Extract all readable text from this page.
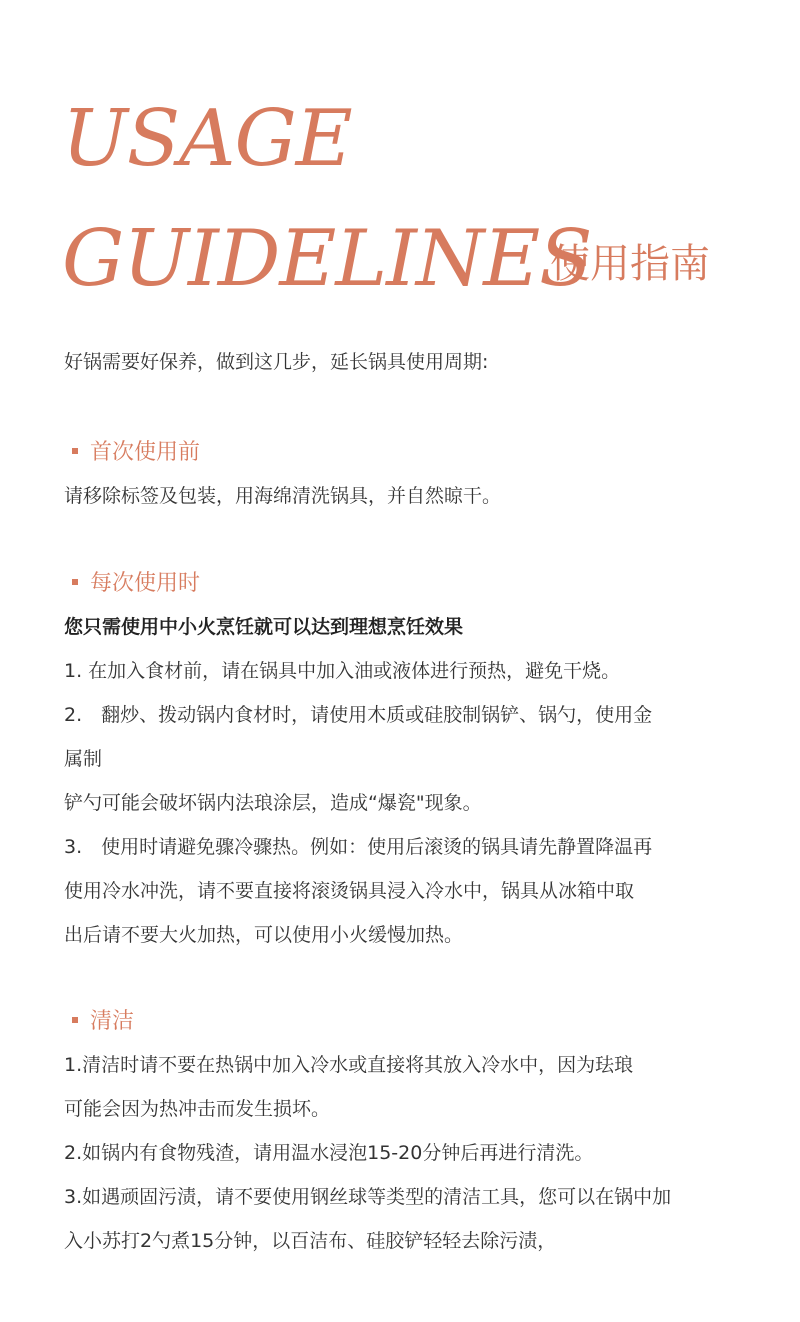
USAGE
GUIDELINES
使用指南
好锅需要好保养，做到这几步，延长锅具使用周期:
首次使用前
请移除标签及包装，用海绵清洗锅具，并自然晾干。
每次使用时
您只需使用中小火烹饪就可以达到理想烹饪效果
1. 在加入食材前，请在锅具中加入油或液体进行预热，避免干烧。
2.　翻炒、拨动锅内食材时，请使用木质或硅胶制锅铲、锅勺，使用金
属制
铲勺可能会破坏锅内法琅涂层，造成“爆瓷"现象。
3.　使用时请避免骤冷骤热。例如：使用后滚烫的锅具请先静置降温再
使用冷水冲洗，请不要直接将滚烫锅具浸入冷水中，锅具从冰箱中取
出后请不要大火加热，可以使用小火缓慢加热。
清洁
1.清洁时请不要在热锅中加入冷水或直接将其放入冷水中，因为珐琅
可能会因为热冲击而发生损坏。
2.如锅内有食物残渣，请用温水浸泡15-20分钟后再进行清洗。
3.如遇顽固污渍，请不要使用钢丝球等类型的清洁工具，您可以在锅中加
入小苏打2勺煮15分钟，以百洁布、硅胶铲轻轻去除污渍，
